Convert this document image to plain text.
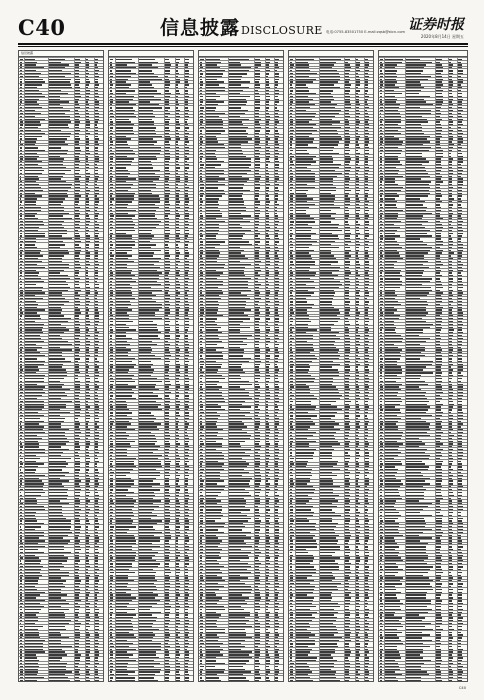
C40	信息披露DISCLOSURE	证券时报
电话:0755-83501750 E-mail:zqsb@stcn.com
2020年8月14日 星期五
信息披露
C40
